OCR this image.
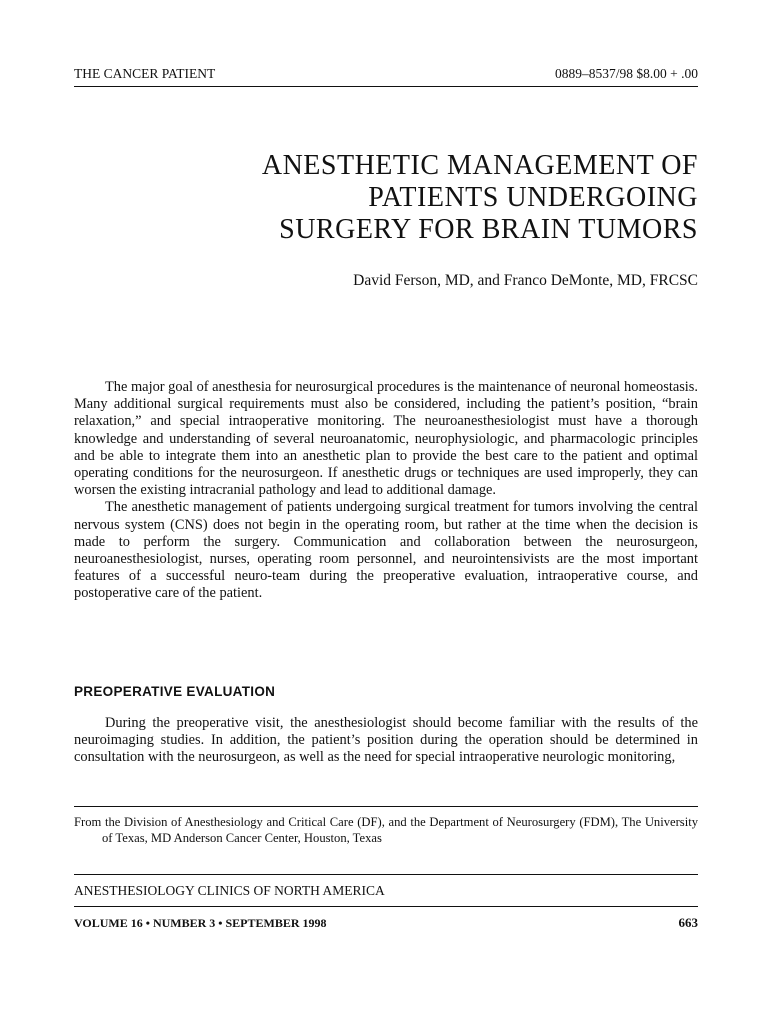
THE CANCER PATIENT	0889–8537/98 $8.00 + .00
ANESTHETIC MANAGEMENT OF
PATIENTS UNDERGOING
SURGERY FOR BRAIN TUMORS

David Ferson, MD, and Franco DeMonte, MD, FRCSC

The major goal of anesthesia for neurosurgical procedures is the maintenance of neuronal homeostasis. Many additional surgical requirements must also be considered, including the patient’s position, “brain relaxation,” and special intraoperative monitoring. The neuroanesthesiologist must have a thorough knowledge and understanding of several neuroanatomic, neurophysiologic, and pharmacologic principles and be able to integrate them into an anesthetic plan to provide the best care to the patient and optimal operating conditions for the neurosurgeon. If anesthetic drugs or techniques are used improperly, they can worsen the existing intracranial pathology and lead to additional damage.

The anesthetic management of patients undergoing surgical treatment for tumors involving the central nervous system (CNS) does not begin in the operating room, but rather at the time when the decision is made to perform the surgery. Communication and collaboration between the neurosurgeon, neuroanesthesiologist, nurses, operating room personnel, and neurointensivists are the most important features of a successful neuro-team during the preoperative evaluation, intraoperative course, and postoperative care of the patient.

PREOPERATIVE EVALUATION

During the preoperative visit, the anesthesiologist should become familiar with the results of the neuroimaging studies. In addition, the patient’s position during the operation should be determined in consultation with the neurosurgeon, as well as the need for special intraoperative neurologic monitoring,

From the Division of Anesthesiology and Critical Care (DF), and the Department of Neurosurgery (FDM), The University of Texas, MD Anderson Cancer Center, Houston, Texas

ANESTHESIOLOGY CLINICS OF NORTH AMERICA

VOLUME 16 • NUMBER 3 • SEPTEMBER 1998	663
